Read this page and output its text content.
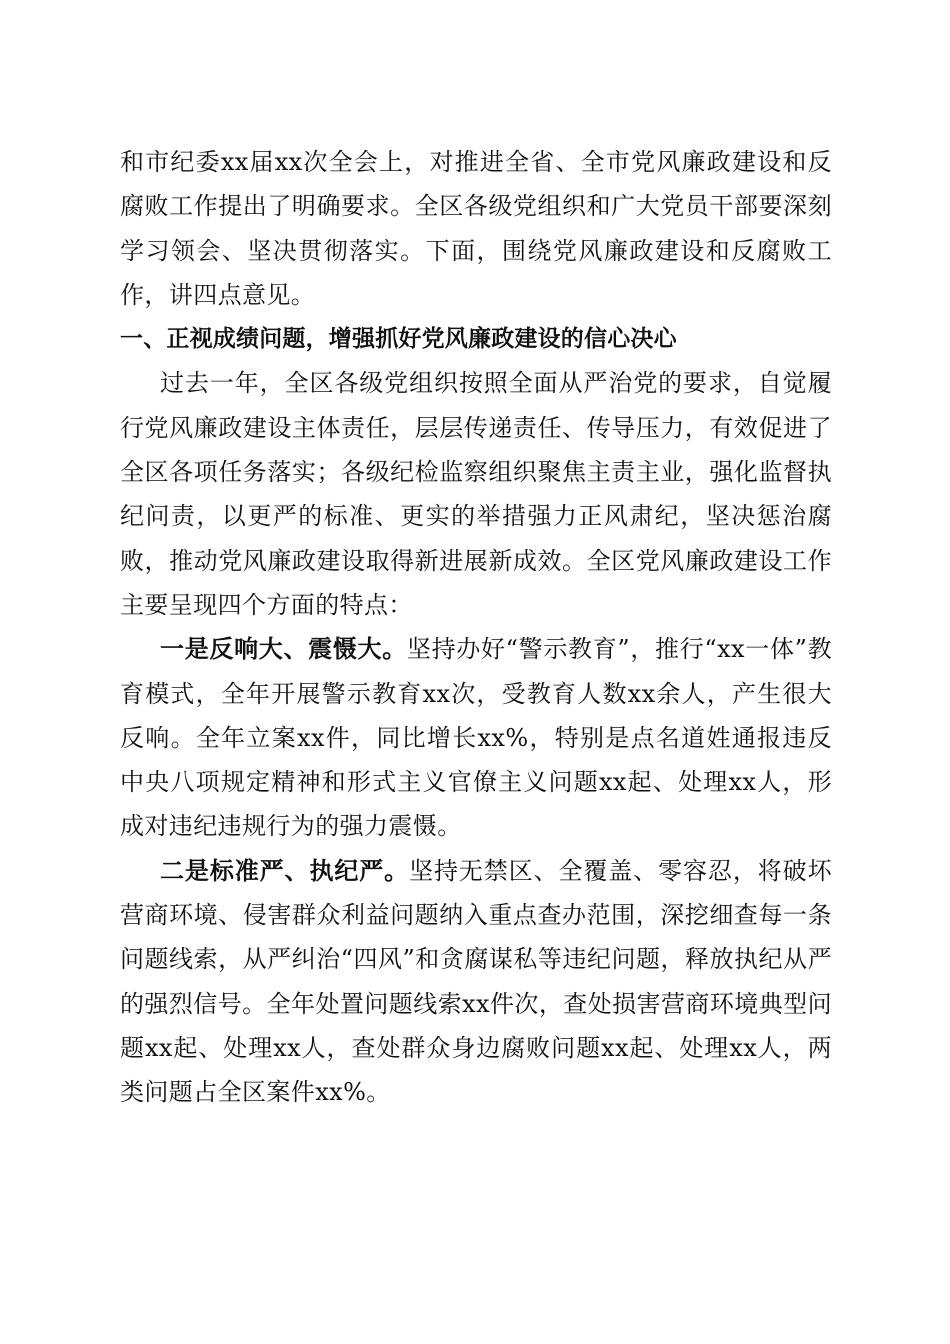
和市纪委xx届xx次全会上，对推进全省、全市党风廉政建设和反腐败工作提出了明确要求。全区各级党组织和广大党员干部要深刻学习领会、坚决贯彻落实。下面，围绕党风廉政建设和反腐败工作，讲四点意见。

一、正视成绩问题，增强抓好党风廉政建设的信心决心

过去一年，全区各级党组织按照全面从严治党的要求，自觉履行党风廉政建设主体责任，层层传递责任、传导压力，有效促进了全区各项任务落实；各级纪检监察组织聚焦主责主业，强化监督执纪问责，以更严的标准、更实的举措强力正风肃纪，坚决惩治腐败，推动党风廉政建设取得新进展新成效。全区党风廉政建设工作主要呈现四个方面的特点：

一是反响大、震慑大。坚持办好“警示教育”，推行“xx一体”教育模式，全年开展警示教育xx次，受教育人数xx余人，产生很大反响。全年立案xx件，同比增长xx%，特别是点名道姓通报违反中央八项规定精神和形式主义官僚主义问题xx起、处理xx人，形成对违纪违规行为的强力震慑。

二是标准严、执纪严。坚持无禁区、全覆盖、零容忍，将破坏营商环境、侵害群众利益问题纳入重点查办范围，深挖细查每一条问题线索，从严纠治“四风”和贪腐谋私等违纪问题，释放执纪从严的强烈信号。全年处置问题线索xx件次，查处损害营商环境典型问题xx起、处理xx人，查处群众身边腐败问题xx起、处理xx人，两类问题占全区案件xx%。
